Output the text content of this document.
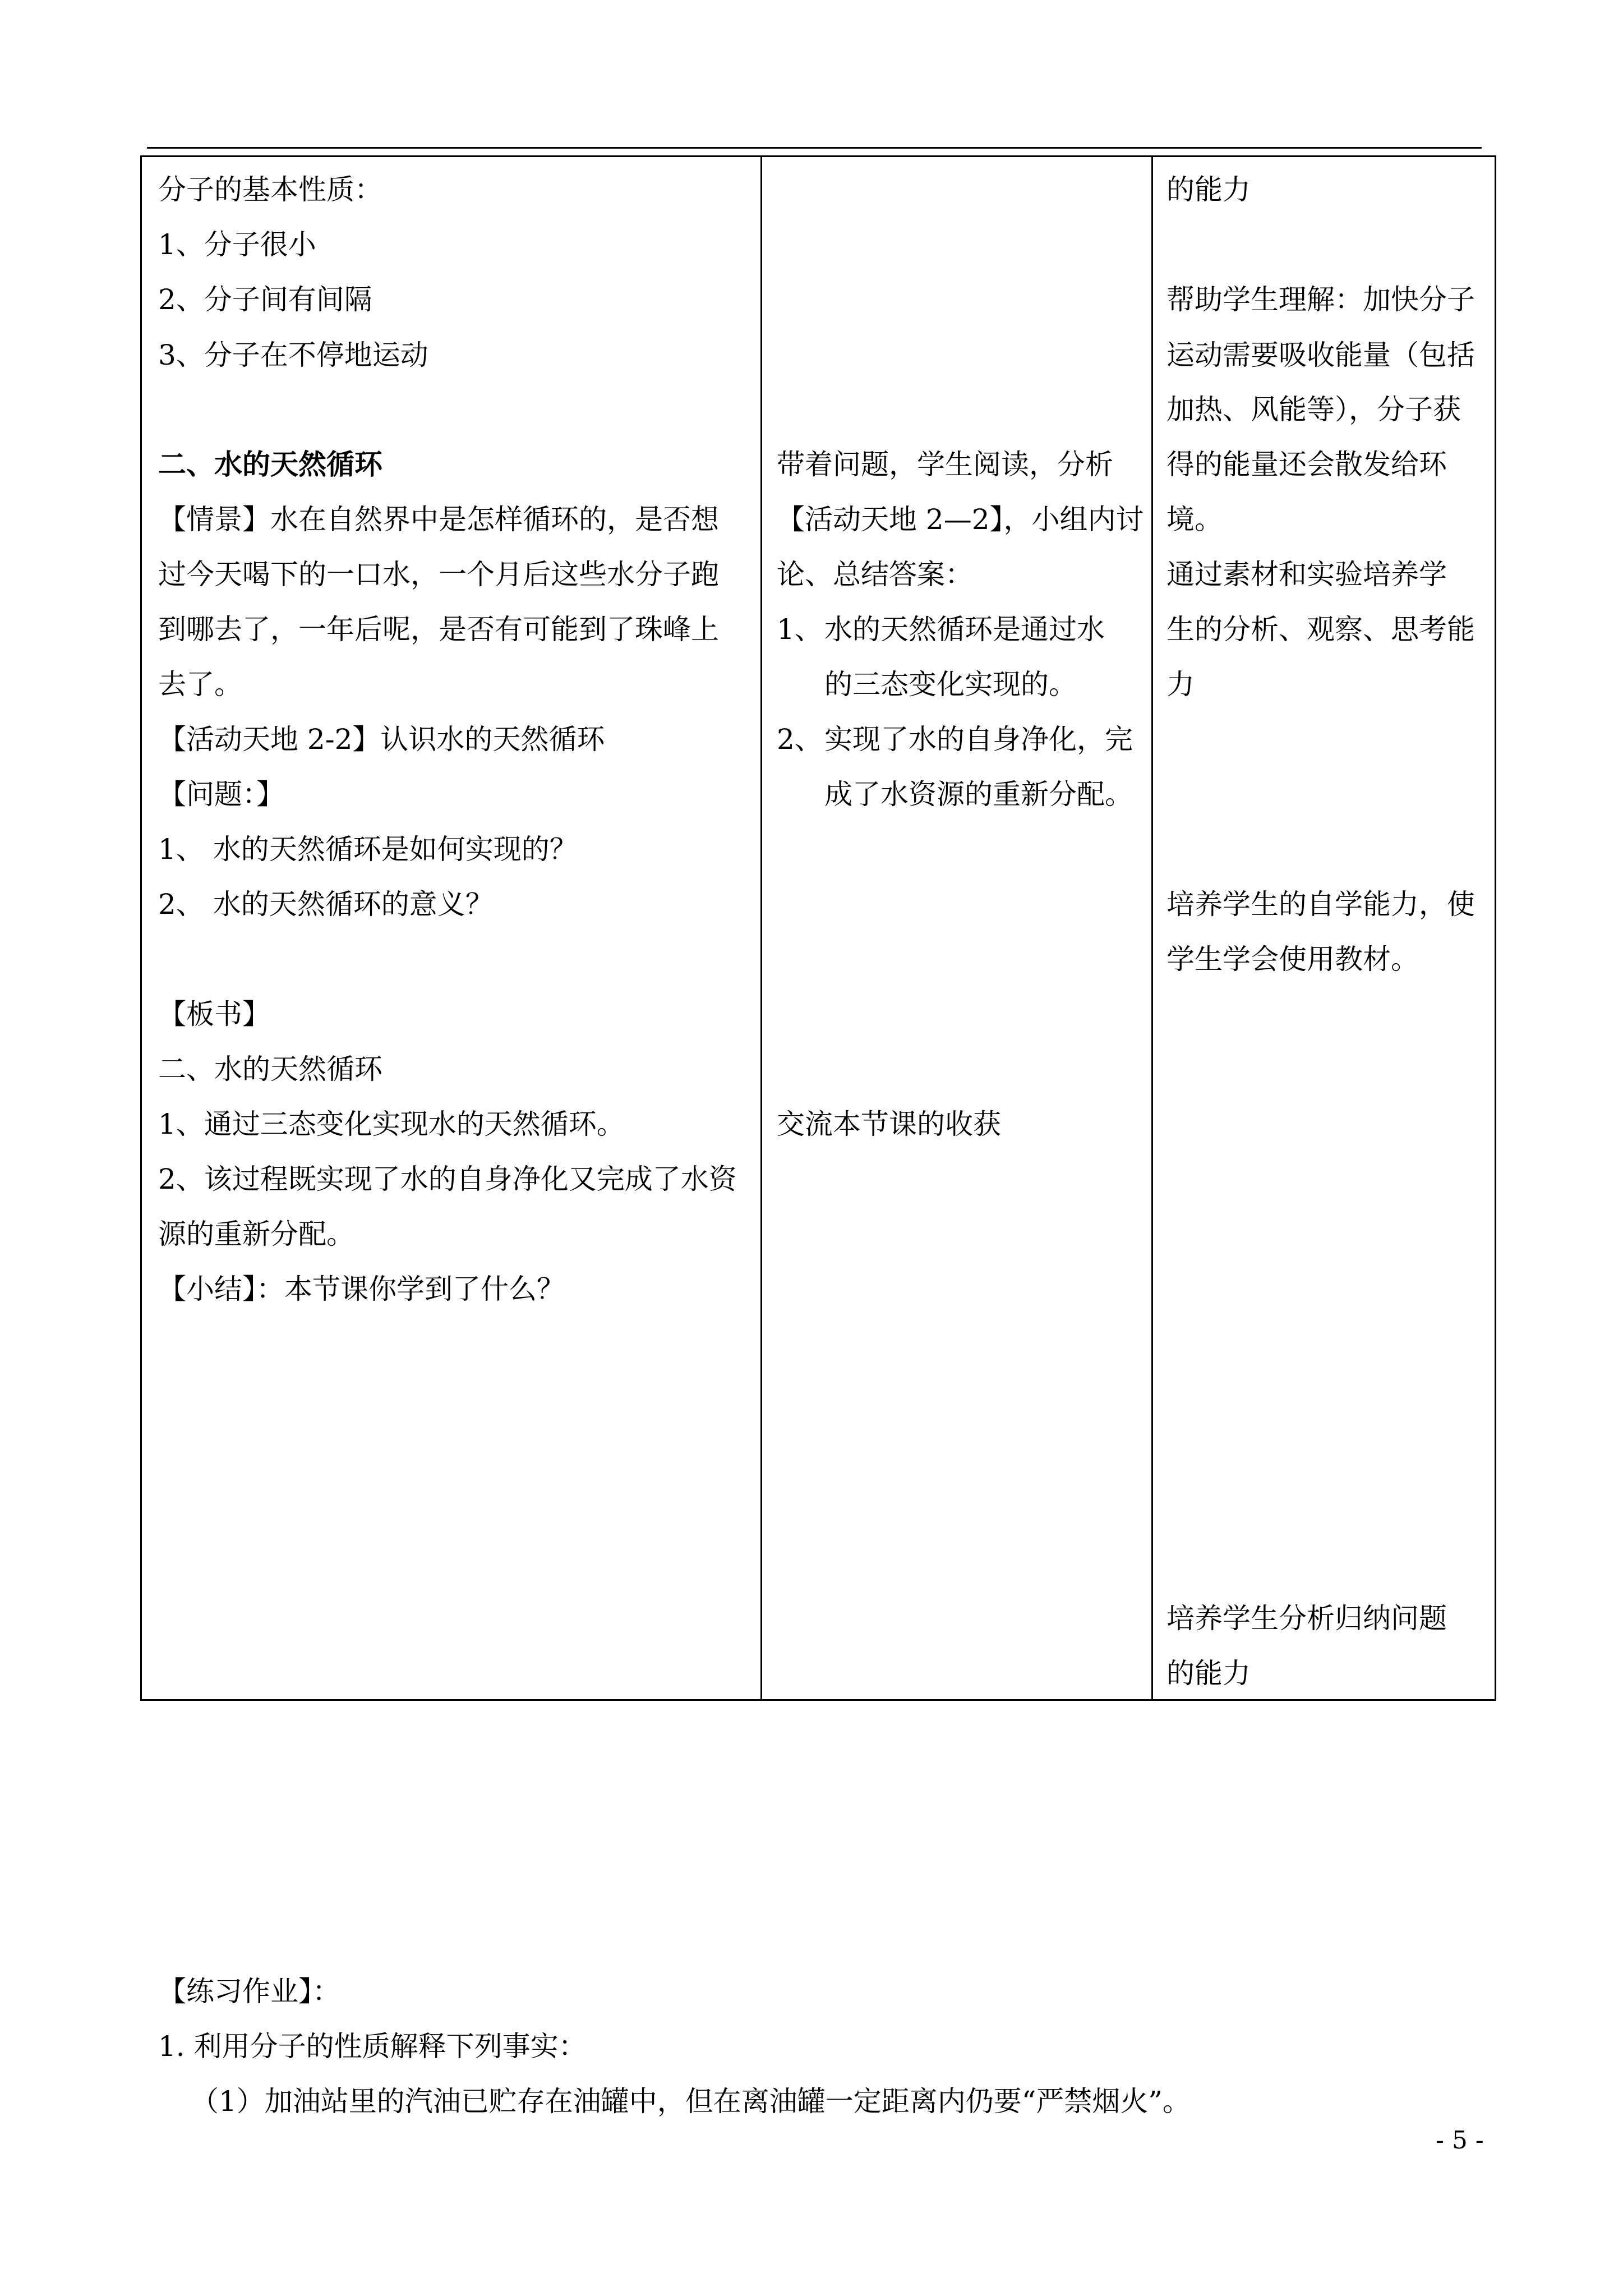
分子的基本性质：
1、分子很小
2、分子间有间隔
3、分子在不停地运动
二、水的天然循环
【情景】水在自然界中是怎样循环的，是否想
过今天喝下的一口水，一个月后这些水分子跑
到哪去了，一年后呢，是否有可能到了珠峰上
去了。
【活动天地 2-2】认识水的天然循环
【问题：】
1、 水的天然循环是如何实现的？
2、 水的天然循环的意义？
【板书】
二、水的天然循环
1、通过三态变化实现水的天然循环。
2、该过程既实现了水的自身净化又完成了水资
源的重新分配。
【小结】：本节课你学到了什么？
带着问题，学生阅读，分析
【活动天地 2—2】，小组内讨
论、总结答案：
1、 水的天然循环是通过水
的三态变化实现的。
2、 实现了水的自身净化，完
成了水资源的重新分配。
交流本节课的收获
的能力
帮助学生理解：加快分子
运动需要吸收能量（包括
加热、风能等），分子获
得的能量还会散发给环
境。
通过素材和实验培养学
生的分析、观察、思考能
力
培养学生的自学能力，使
学生学会使用教材。
培养学生分析归纳问题
的能力
【练习作业】：
1. 利用分子的性质解释下列事实：
（1）加油站里的汽油已贮存在油罐中，但在离油罐一定距离内仍要“严禁烟火”。
- 5 -
